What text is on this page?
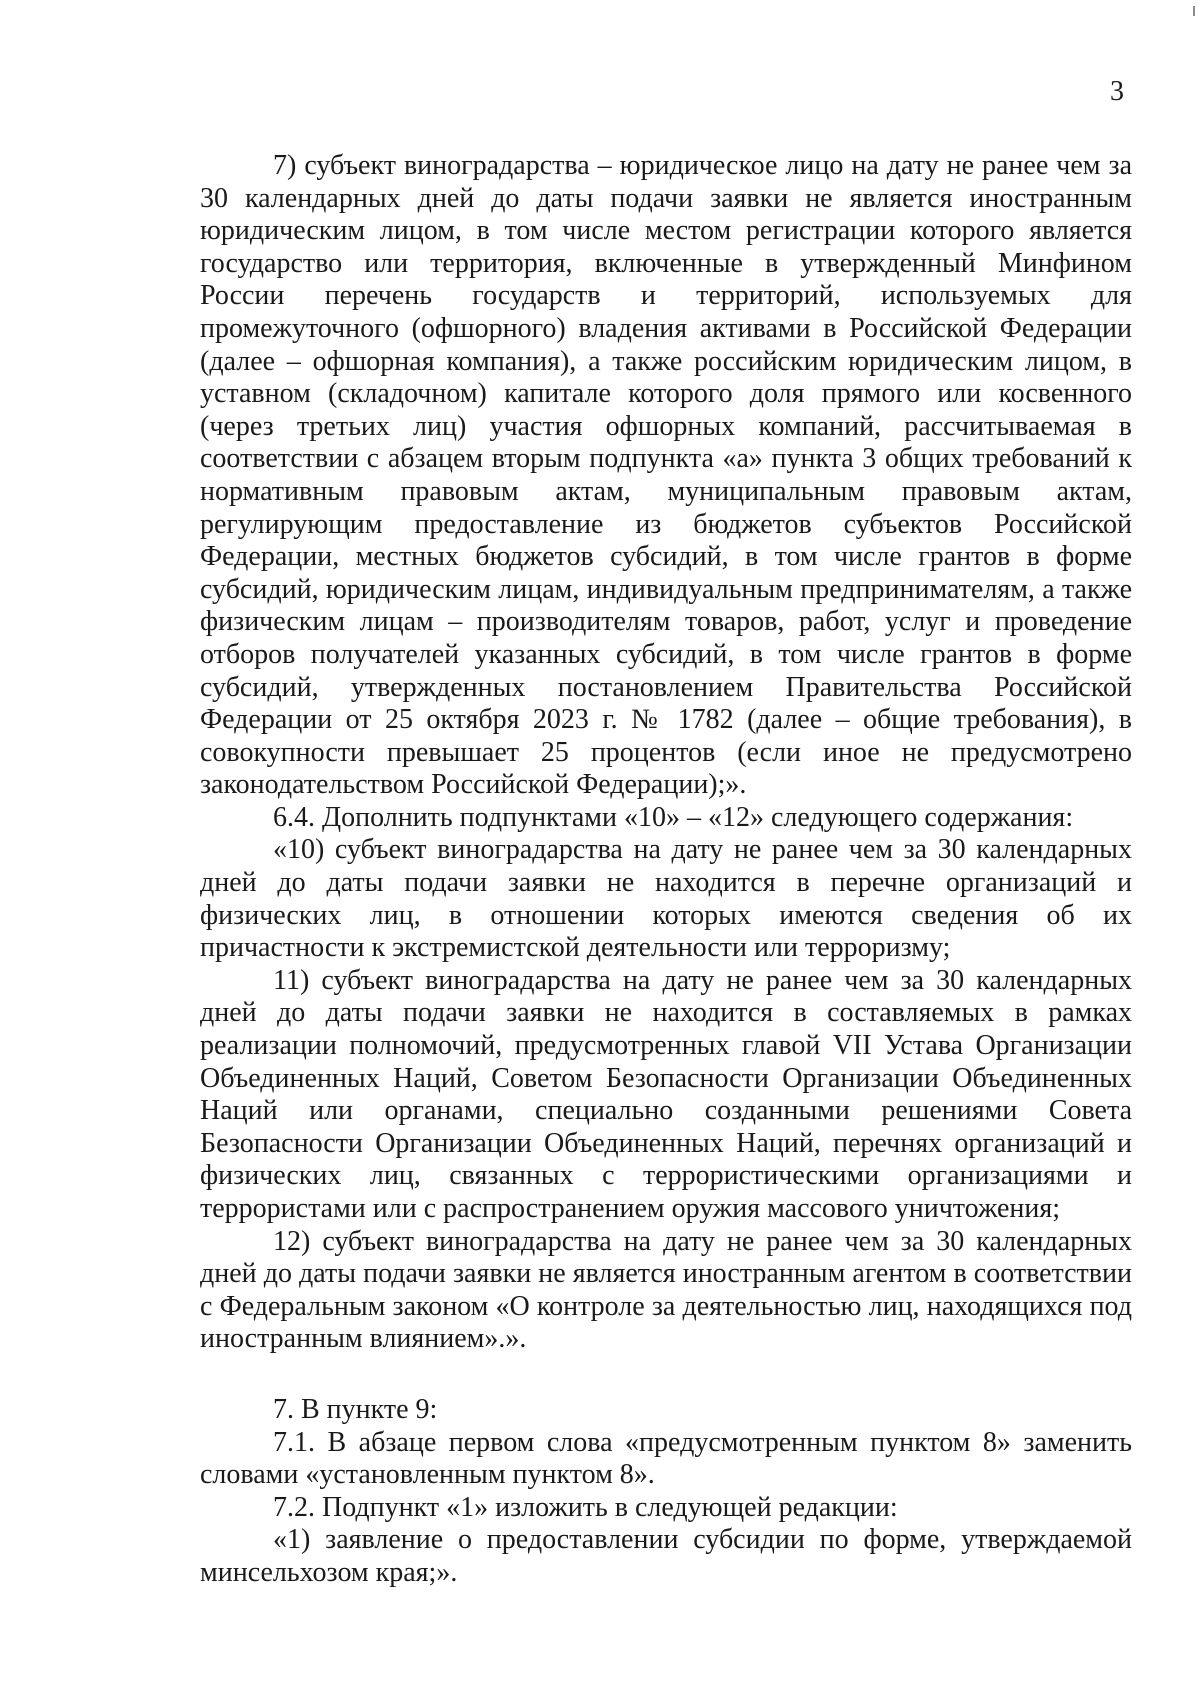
3

7) субъект виноградарства – юридическое лицо на дату не ранее чем за 30 календарных дней до даты подачи заявки не является иностранным юридическим лицом, в том числе местом регистрации которого является государство или территория, включенные в утвержденный Минфином России перечень государств и территорий, используемых для промежуточного (офшорного) владения активами в Российской Федерации (далее – офшорная компания), а также российским юридическим лицом, в уставном (складочном) капитале которого доля прямого или косвенного (через третьих лиц) участия офшорных компаний, рассчитываемая в соответствии с абзацем вторым подпункта «а» пункта 3 общих требований к нормативным правовым актам, муниципальным правовым актам, регулирующим предоставление из бюджетов субъектов Российской Федерации, местных бюджетов субсидий, в том числе грантов в форме субсидий, юридическим лицам, индивидуальным предпринимателям, а также физическим лицам – производителям товаров, работ, услуг и проведение отборов получателей указанных субсидий, в том числе грантов в форме субсидий, утвержденных постановлением Правительства Российской Федерации от 25 октября 2023 г. № 1782 (далее – общие требования), в совокупности превышает 25 процентов (если иное не предусмотрено законодательством Российской Федерации);».

6.4. Дополнить подпунктами «10» – «12» следующего содержания:

«10) субъект виноградарства на дату не ранее чем за 30 календарных дней до даты подачи заявки не находится в перечне организаций и физических лиц, в отношении которых имеются сведения об их причастности к экстремистской деятельности или терроризму;

11) субъект виноградарства на дату не ранее чем за 30 календарных дней до даты подачи заявки не находится в составляемых в рамках реализации полномочий, предусмотренных главой VII Устава Организации Объединенных Наций, Советом Безопасности Организации Объединенных Наций или органами, специально созданными решениями Совета Безопасности Организации Объединенных Наций, перечнях организаций и физических лиц, связанных с террористическими организациями и террористами или с распространением оружия массового уничтожения;

12) субъект виноградарства на дату не ранее чем за 30 календарных дней до даты подачи заявки не является иностранным агентом в соответствии с Федеральным законом «О контроле за деятельностью лиц, находящихся под иностранным влиянием».».

7. В пункте 9:

7.1. В абзаце первом слова «предусмотренным пунктом 8» заменить словами «установленным пунктом 8».

7.2. Подпункт «1» изложить в следующей редакции:

«1) заявление о предоставлении субсидии по форме, утверждаемой минсельхозом края;».
